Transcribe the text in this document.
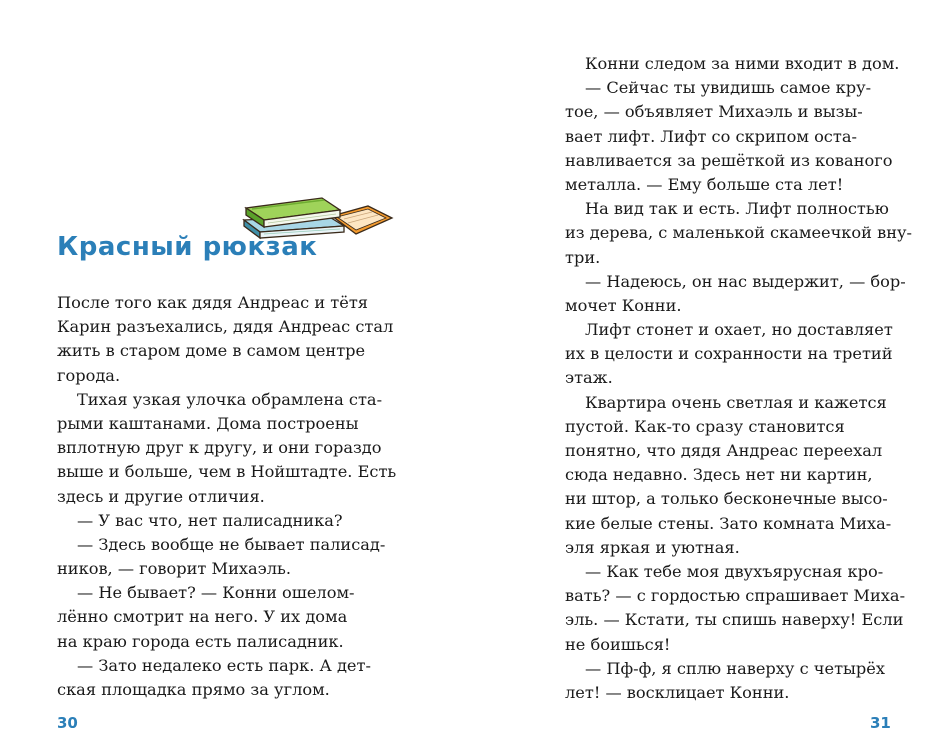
Красный рюкзак
После того как дядя Андреас и тётя
Карин разъехались, дядя Андреас стал
жить в старом доме в самом центре
города.
Тихая узкая улочка обрамлена ста-
рыми каштанами. Дома построены
вплотную друг к другу, и они гораздо
выше и больше, чем в Нойштадте. Есть
здесь и другие отличия.
— У вас что, нет палисадника?
— Здесь вообще не бывает палисад-
ников, — говорит Михаэль.
— Не бывает? — Конни ошелом-
лённо смотрит на него. У их дома
на краю города есть палисадник.
— Зато недалеко есть парк. А дет-
ская площадка прямо за углом.
30
Конни следом за ними входит в дом.
— Сейчас ты увидишь самое кру-
тое, — объявляет Михаэль и вызы-
вает лифт. Лифт со скрипом оста-
навливается за решёткой из кованого
металла. — Ему больше ста лет!
На вид так и есть. Лифт полностью
из дерева, с маленькой скамеечкой вну-
три.
— Надеюсь, он нас выдержит, — бор-
мочет Конни.
Лифт стонет и охает, но доставляет
их в целости и сохранности на третий
этаж.
Квартира очень светлая и кажется
пустой. Как-то сразу становится
понятно, что дядя Андреас переехал
сюда недавно. Здесь нет ни картин,
ни штор, а только бесконечные высо-
кие белые стены. Зато комната Миха-
эля яркая и уютная.
— Как тебе моя двухъярусная кро-
вать? — с гордостью спрашивает Миха-
эль. — Кстати, ты спишь наверху! Если
не боишься!
— Пф-ф, я сплю наверху с четырёх
лет! — восклицает Конни.
31
